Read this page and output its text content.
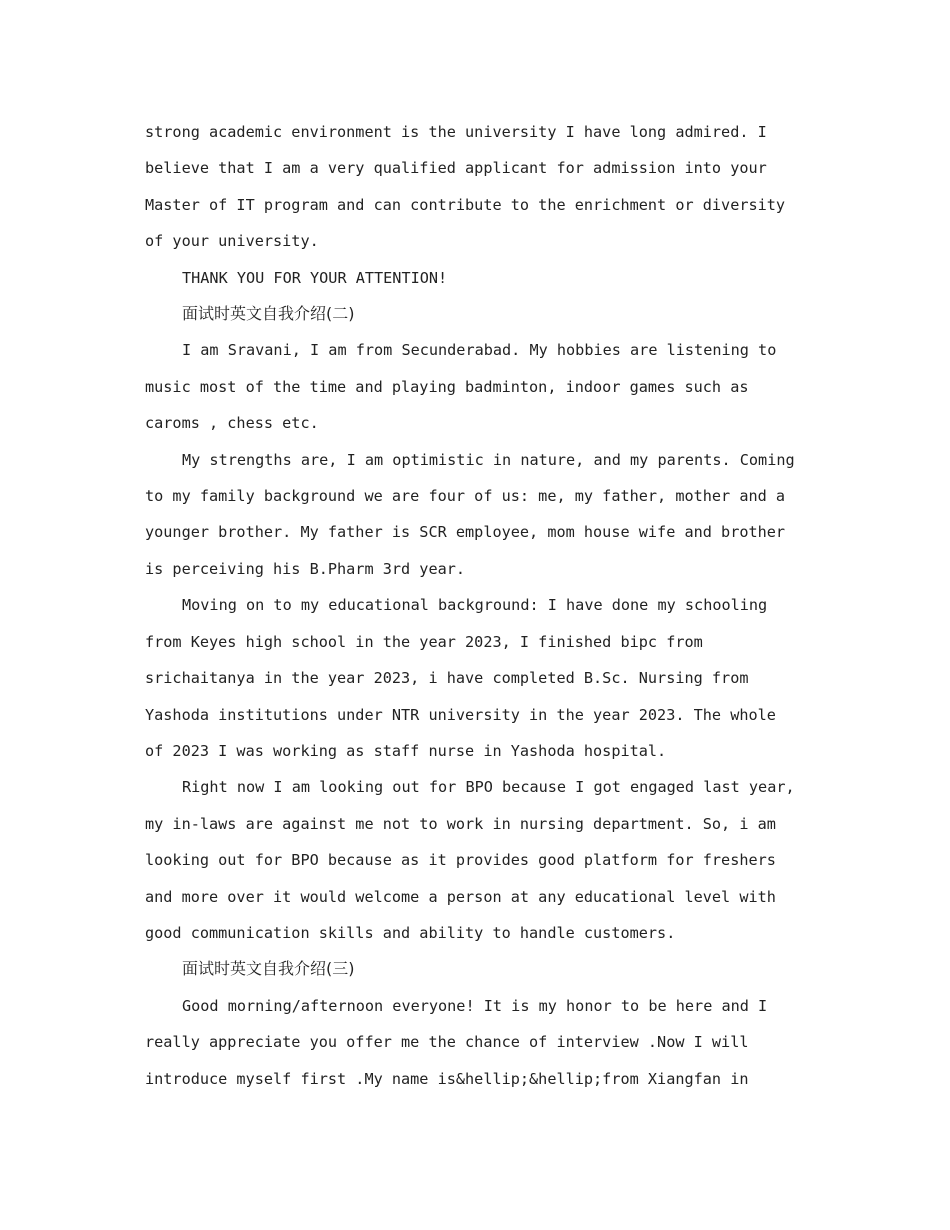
strong academic environment is the university I have long admired. I
believe that I am a very qualified applicant for admission into your
Master of IT program and can contribute to the enrichment or diversity
of your university.

THANK YOU FOR YOUR ATTENTION!

面试时英文自我介绍(二)

I am Sravani, I am from Secunderabad. My hobbies are listening to
music most of the time and playing badminton, indoor games such as
caroms , chess etc.

My strengths are, I am optimistic in nature, and my parents. Coming
to my family background we are four of us: me, my father, mother and a
younger brother. My father is SCR employee, mom house wife and brother
is perceiving his B.Pharm 3rd year.

Moving on to my educational background: I have done my schooling
from Keyes high school in the year 2023, I finished bipc from
srichaitanya in the year 2023, i have completed B.Sc. Nursing from
Yashoda institutions under NTR university in the year 2023. The whole
of 2023 I was working as staff nurse in Yashoda hospital.

Right now I am looking out for BPO because I got engaged last year,
my in-laws are against me not to work in nursing department. So, i am
looking out for BPO because as it provides good platform for freshers
and more over it would welcome a person at any educational level with
good communication skills and ability to handle customers.

面试时英文自我介绍(三)

Good morning/afternoon everyone! It is my honor to be here and I
really appreciate you offer me the chance of interview .Now I will
introduce myself first .My name is&hellip;&hellip;from Xiangfan in
